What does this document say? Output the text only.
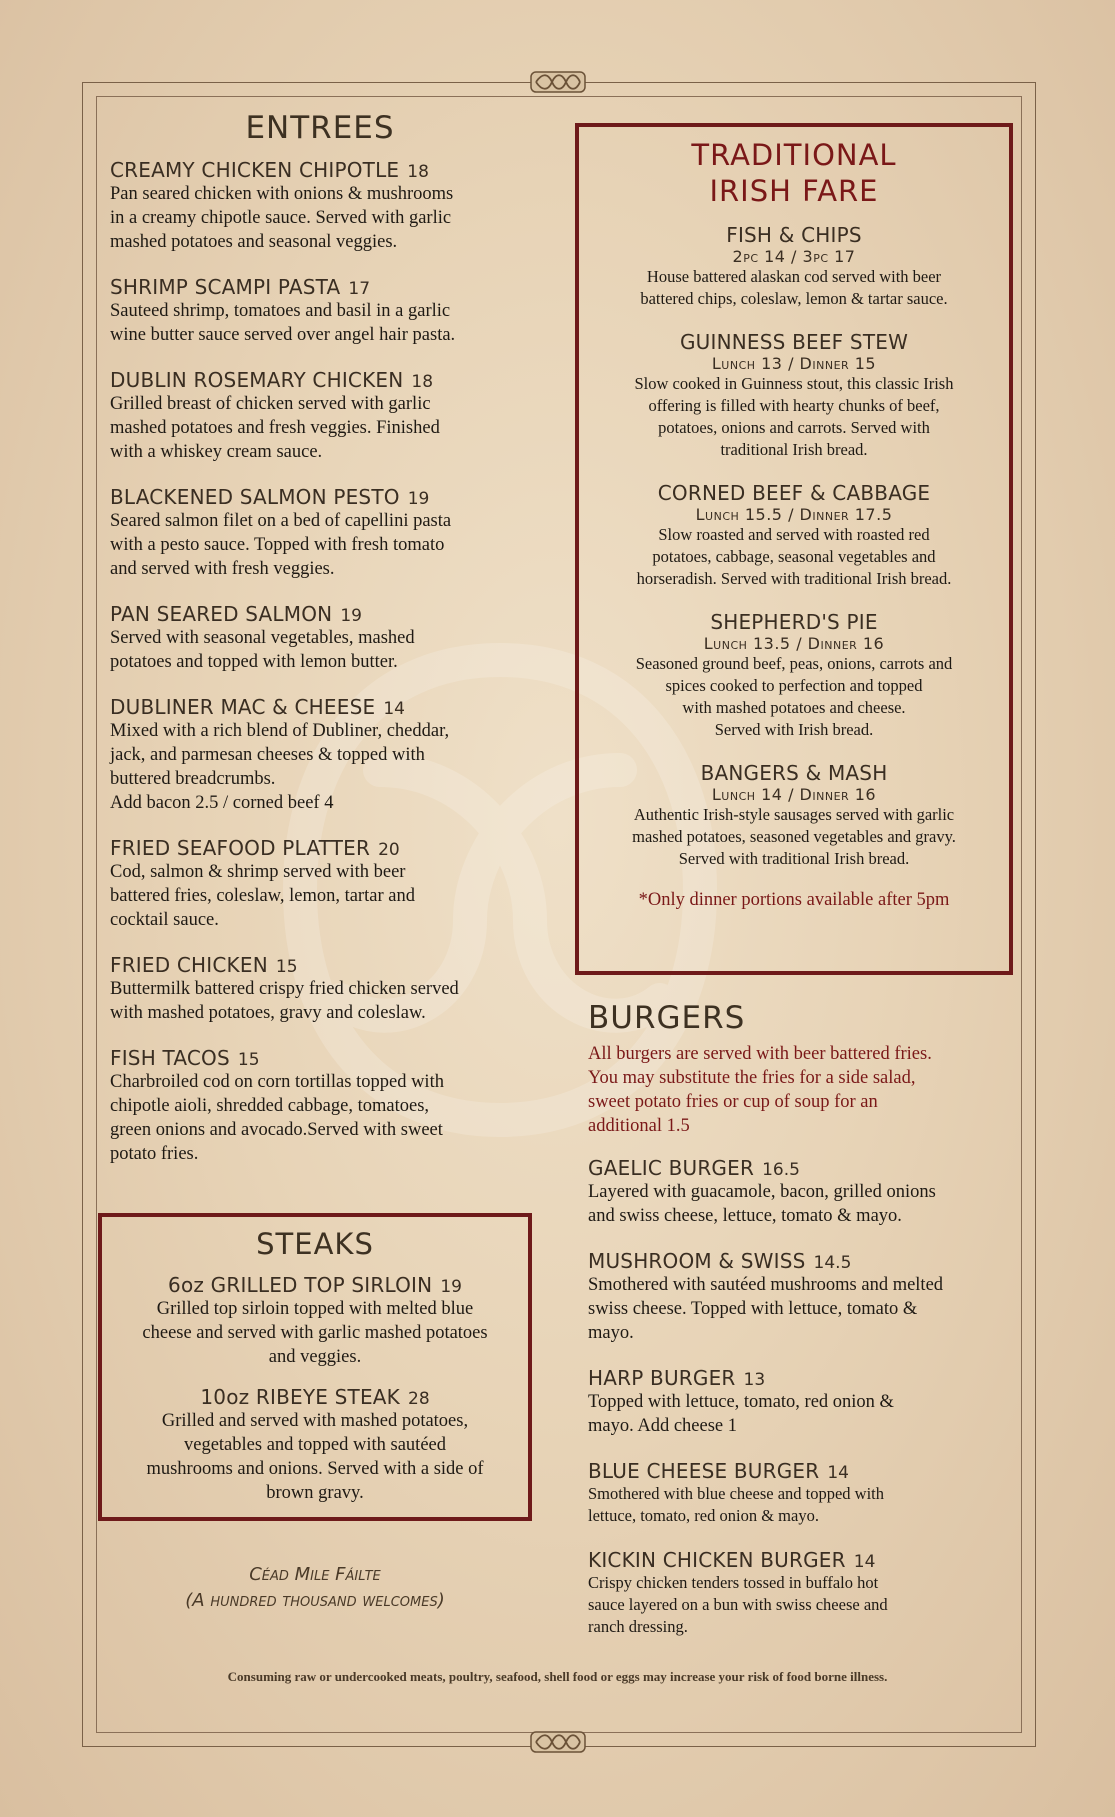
ENTREES
CREAMY CHICKEN CHIPOTLE 18
Pan seared chicken with onions & mushrooms
in a creamy chipotle sauce. Served with garlic
mashed potatoes and seasonal veggies.
SHRIMP SCAMPI PASTA 17
Sauteed shrimp, tomatoes and basil in a garlic
wine butter sauce served over angel hair pasta.
DUBLIN ROSEMARY CHICKEN 18
Grilled breast of chicken served with garlic
mashed potatoes and fresh veggies. Finished
with a whiskey cream sauce.
BLACKENED SALMON PESTO 19
Seared salmon filet on a bed of capellini pasta
with a pesto sauce. Topped with fresh tomato
and served with fresh veggies.
PAN SEARED SALMON 19
Served with seasonal vegetables, mashed
potatoes and topped with lemon butter.
DUBLINER MAC & CHEESE 14
Mixed with a rich blend of Dubliner, cheddar,
jack, and parmesan cheeses & topped with
buttered breadcrumbs.
Add bacon 2.5 / corned beef 4
FRIED SEAFOOD PLATTER 20
Cod, salmon & shrimp served with beer
battered fries, coleslaw, lemon, tartar and
cocktail sauce.
FRIED CHICKEN 15
Buttermilk battered crispy fried chicken served
with mashed potatoes, gravy and coleslaw.
FISH TACOS 15
Charbroiled cod on corn tortillas topped with
chipotle aioli, shredded cabbage, tomatoes,
green onions and avocado.Served with sweet
potato fries.
STEAKS
6oz GRILLED TOP SIRLOIN 19
Grilled top sirloin topped with melted blue
cheese and served with garlic mashed potatoes
and veggies.
10oz RIBEYE STEAK 28
Grilled and served with mashed potatoes,
vegetables and topped with sautéed
mushrooms and onions. Served with a side of
brown gravy.
Céad Mile Fáilte
(A hundred thousand welcomes)
TRADITIONAL
IRISH FARE
FISH & CHIPS
2pc 14 / 3pc 17
House battered alaskan cod served with beer
battered chips, coleslaw, lemon & tartar sauce.
GUINNESS BEEF STEW
Lunch 13 / Dinner 15
Slow cooked in Guinness stout, this classic Irish
offering is filled with hearty chunks of beef,
potatoes, onions and carrots. Served with
traditional Irish bread.
CORNED BEEF & CABBAGE
Lunch 15.5 / Dinner 17.5
Slow roasted and served with roasted red
potatoes, cabbage, seasonal vegetables and
horseradish. Served with traditional Irish bread.
SHEPHERD'S PIE
Lunch 13.5 / Dinner 16
Seasoned ground beef, peas, onions, carrots and
spices cooked to perfection and topped
with mashed potatoes and cheese.
Served with Irish bread.
BANGERS & MASH
Lunch 14 / Dinner 16
Authentic Irish-style sausages served with garlic
mashed potatoes, seasoned vegetables and gravy.
Served with traditional Irish bread.
*Only dinner portions available after 5pm
BURGERS
All burgers are served with beer battered fries.
You may substitute the fries for a side salad,
sweet potato fries or cup of soup for an
additional 1.5
GAELIC BURGER 16.5
Layered with guacamole, bacon, grilled onions
and swiss cheese, lettuce, tomato & mayo.
MUSHROOM & SWISS 14.5
Smothered with sautéed mushrooms and melted
swiss cheese. Topped with lettuce, tomato &
mayo.
HARP BURGER 13
Topped with lettuce, tomato, red onion &
mayo. Add cheese 1
BLUE CHEESE BURGER 14
Smothered with blue cheese and topped with
lettuce, tomato, red onion & mayo.
KICKIN CHICKEN BURGER 14
Crispy chicken tenders tossed in buffalo hot
sauce layered on a bun with swiss cheese and
ranch dressing.
Consuming raw or undercooked meats, poultry, seafood, shell food or eggs may increase your risk of food borne illness.
